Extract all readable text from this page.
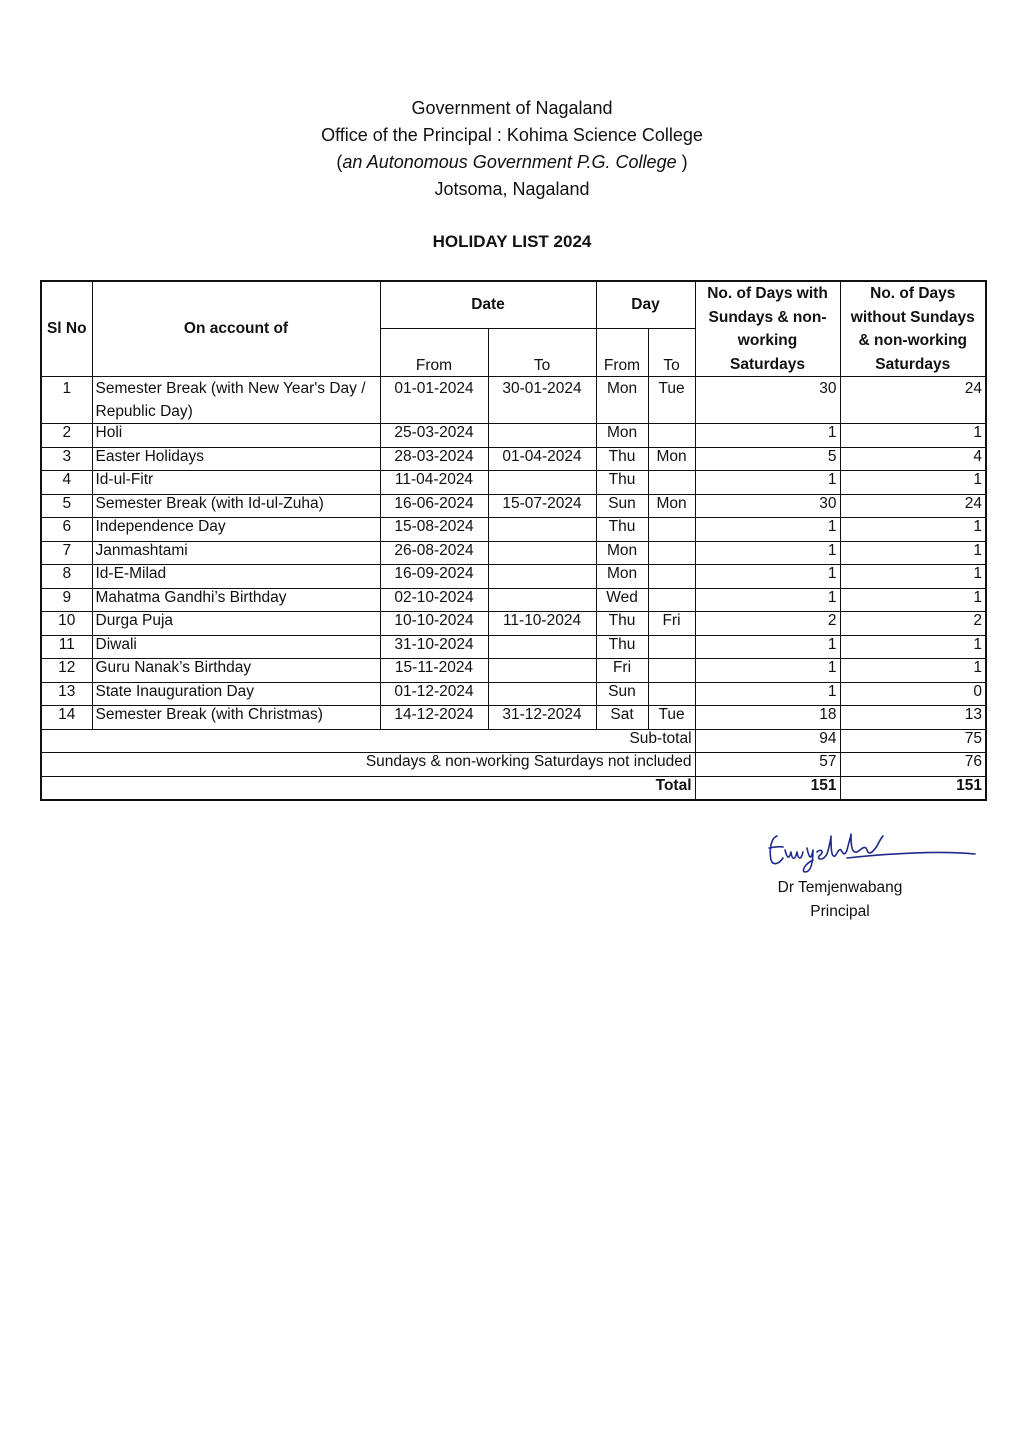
Government of Nagaland
Office of the Principal : Kohima Science College
(an Autonomous Government P.G. College )
Jotsoma, Nagaland
HOLIDAY LIST 2024
Sl No	On account of	Date		Day		No. of Days with Sundays & non-working Saturdays	No. of Days without Sundays & non-working Saturdays
		From	To	From	To		
1	Semester Break (with New Year's Day / Republic Day)	01-01-2024	30-01-2024	Mon	Tue	30	24
2	Holi	25-03-2024		Mon		1	1
3	Easter Holidays	28-03-2024	01-04-2024	Thu	Mon	5	4
4	Id-ul-Fitr	11-04-2024		Thu		1	1
5	Semester Break (with Id-ul-Zuha)	16-06-2024	15-07-2024	Sun	Mon	30	24
6	Independence Day	15-08-2024		Thu		1	1
7	Janmashtami	26-08-2024		Mon		1	1
8	Id-E-Milad	16-09-2024		Mon		1	1
9	Mahatma Gandhi’s Birthday	02-10-2024		Wed		1	1
10	Durga Puja	10-10-2024	11-10-2024	Thu	Fri	2	2
11	Diwali	31-10-2024		Thu		1	1
12	Guru Nanak’s Birthday	15-11-2024		Fri		1	1
13	State Inauguration Day	01-12-2024		Sun		1	0
14	Semester Break (with Christmas)	14-12-2024	31-12-2024	Sat	Tue	18	13
Sub-total						94	75
Sundays & non-working Saturdays not included						57	76
Total						151	151
Dr Temjenwabang
Principal
